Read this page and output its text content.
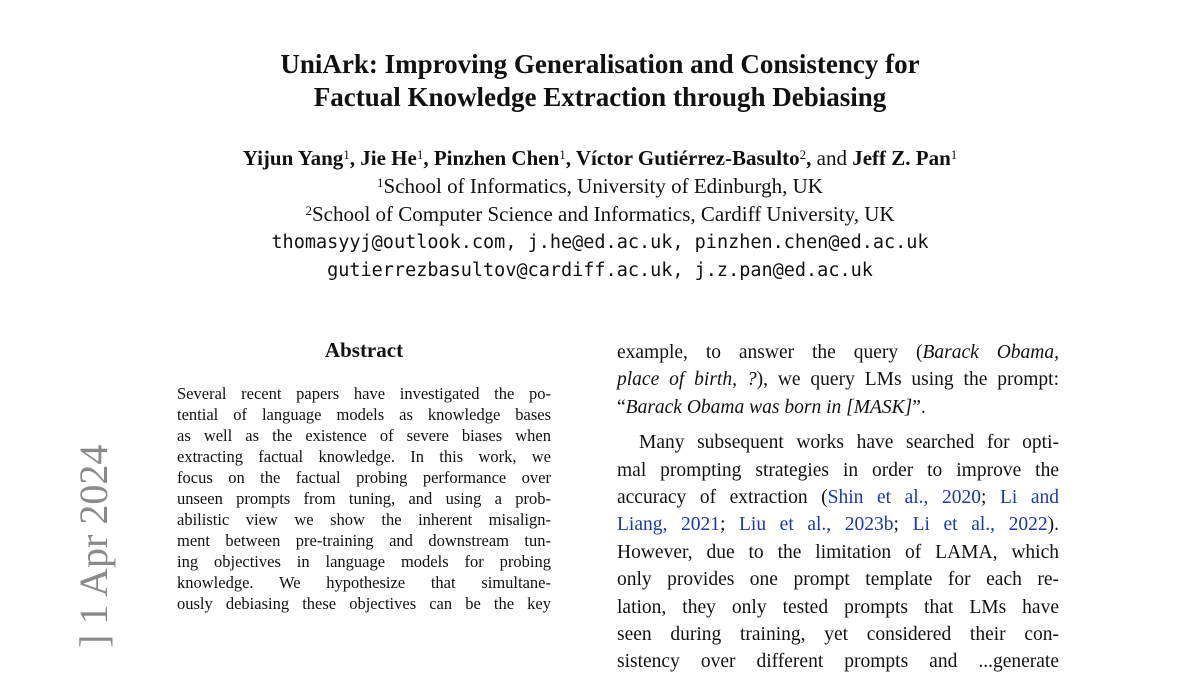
UniArk: Improving Generalisation and Consistency for
Factual Knowledge Extraction through Debiasing
Yijun Yang$^1$, Jie He$^1$, Pinzhen Chen$^1$, Víctor Gutiérrez-Basulto$^2$, and Jeff Z. Pan$^1$
$^1$School of Informatics, University of Edinburgh, UK
$^2$School of Computer Science and Informatics, Cardiff University, UK
thomasyyj@outlook.com, j.he@ed.ac.uk, pinzhen.chen@ed.ac.uk
gutierrezbasultov@cardiff.ac.uk, j.z.pan@ed.ac.uk
] 1 Apr 2024
Abstract
Several recent papers have investigated the po-
tential of language models as knowledge bases
as well as the existence of severe biases when
extracting factual knowledge. In this work, we
focus on the factual probing performance over
unseen prompts from tuning, and using a prob-
abilistic view we show the inherent misalign-
ment between pre-training and downstream tun-
ing objectives in language models for probing
knowledge. We hypothesize that simultane-
ously debiasing these objectives can be the key
example, to answer the query (Barack Obama,
place of birth, ?), we query LMs using the prompt:
“Barack Obama was born in [MASK]”.
Many subsequent works have searched for opti-
mal prompting strategies in order to improve the
accuracy of extraction (Shin et al., 2020; Li and
Liang, 2021; Liu et al., 2023b; Li et al., 2022).
However, due to the limitation of LAMA, which
only provides one prompt template for each re-
lation, they only tested prompts that LMs have
seen during training, yet considered their con-
sistency over different prompts and ...generate
